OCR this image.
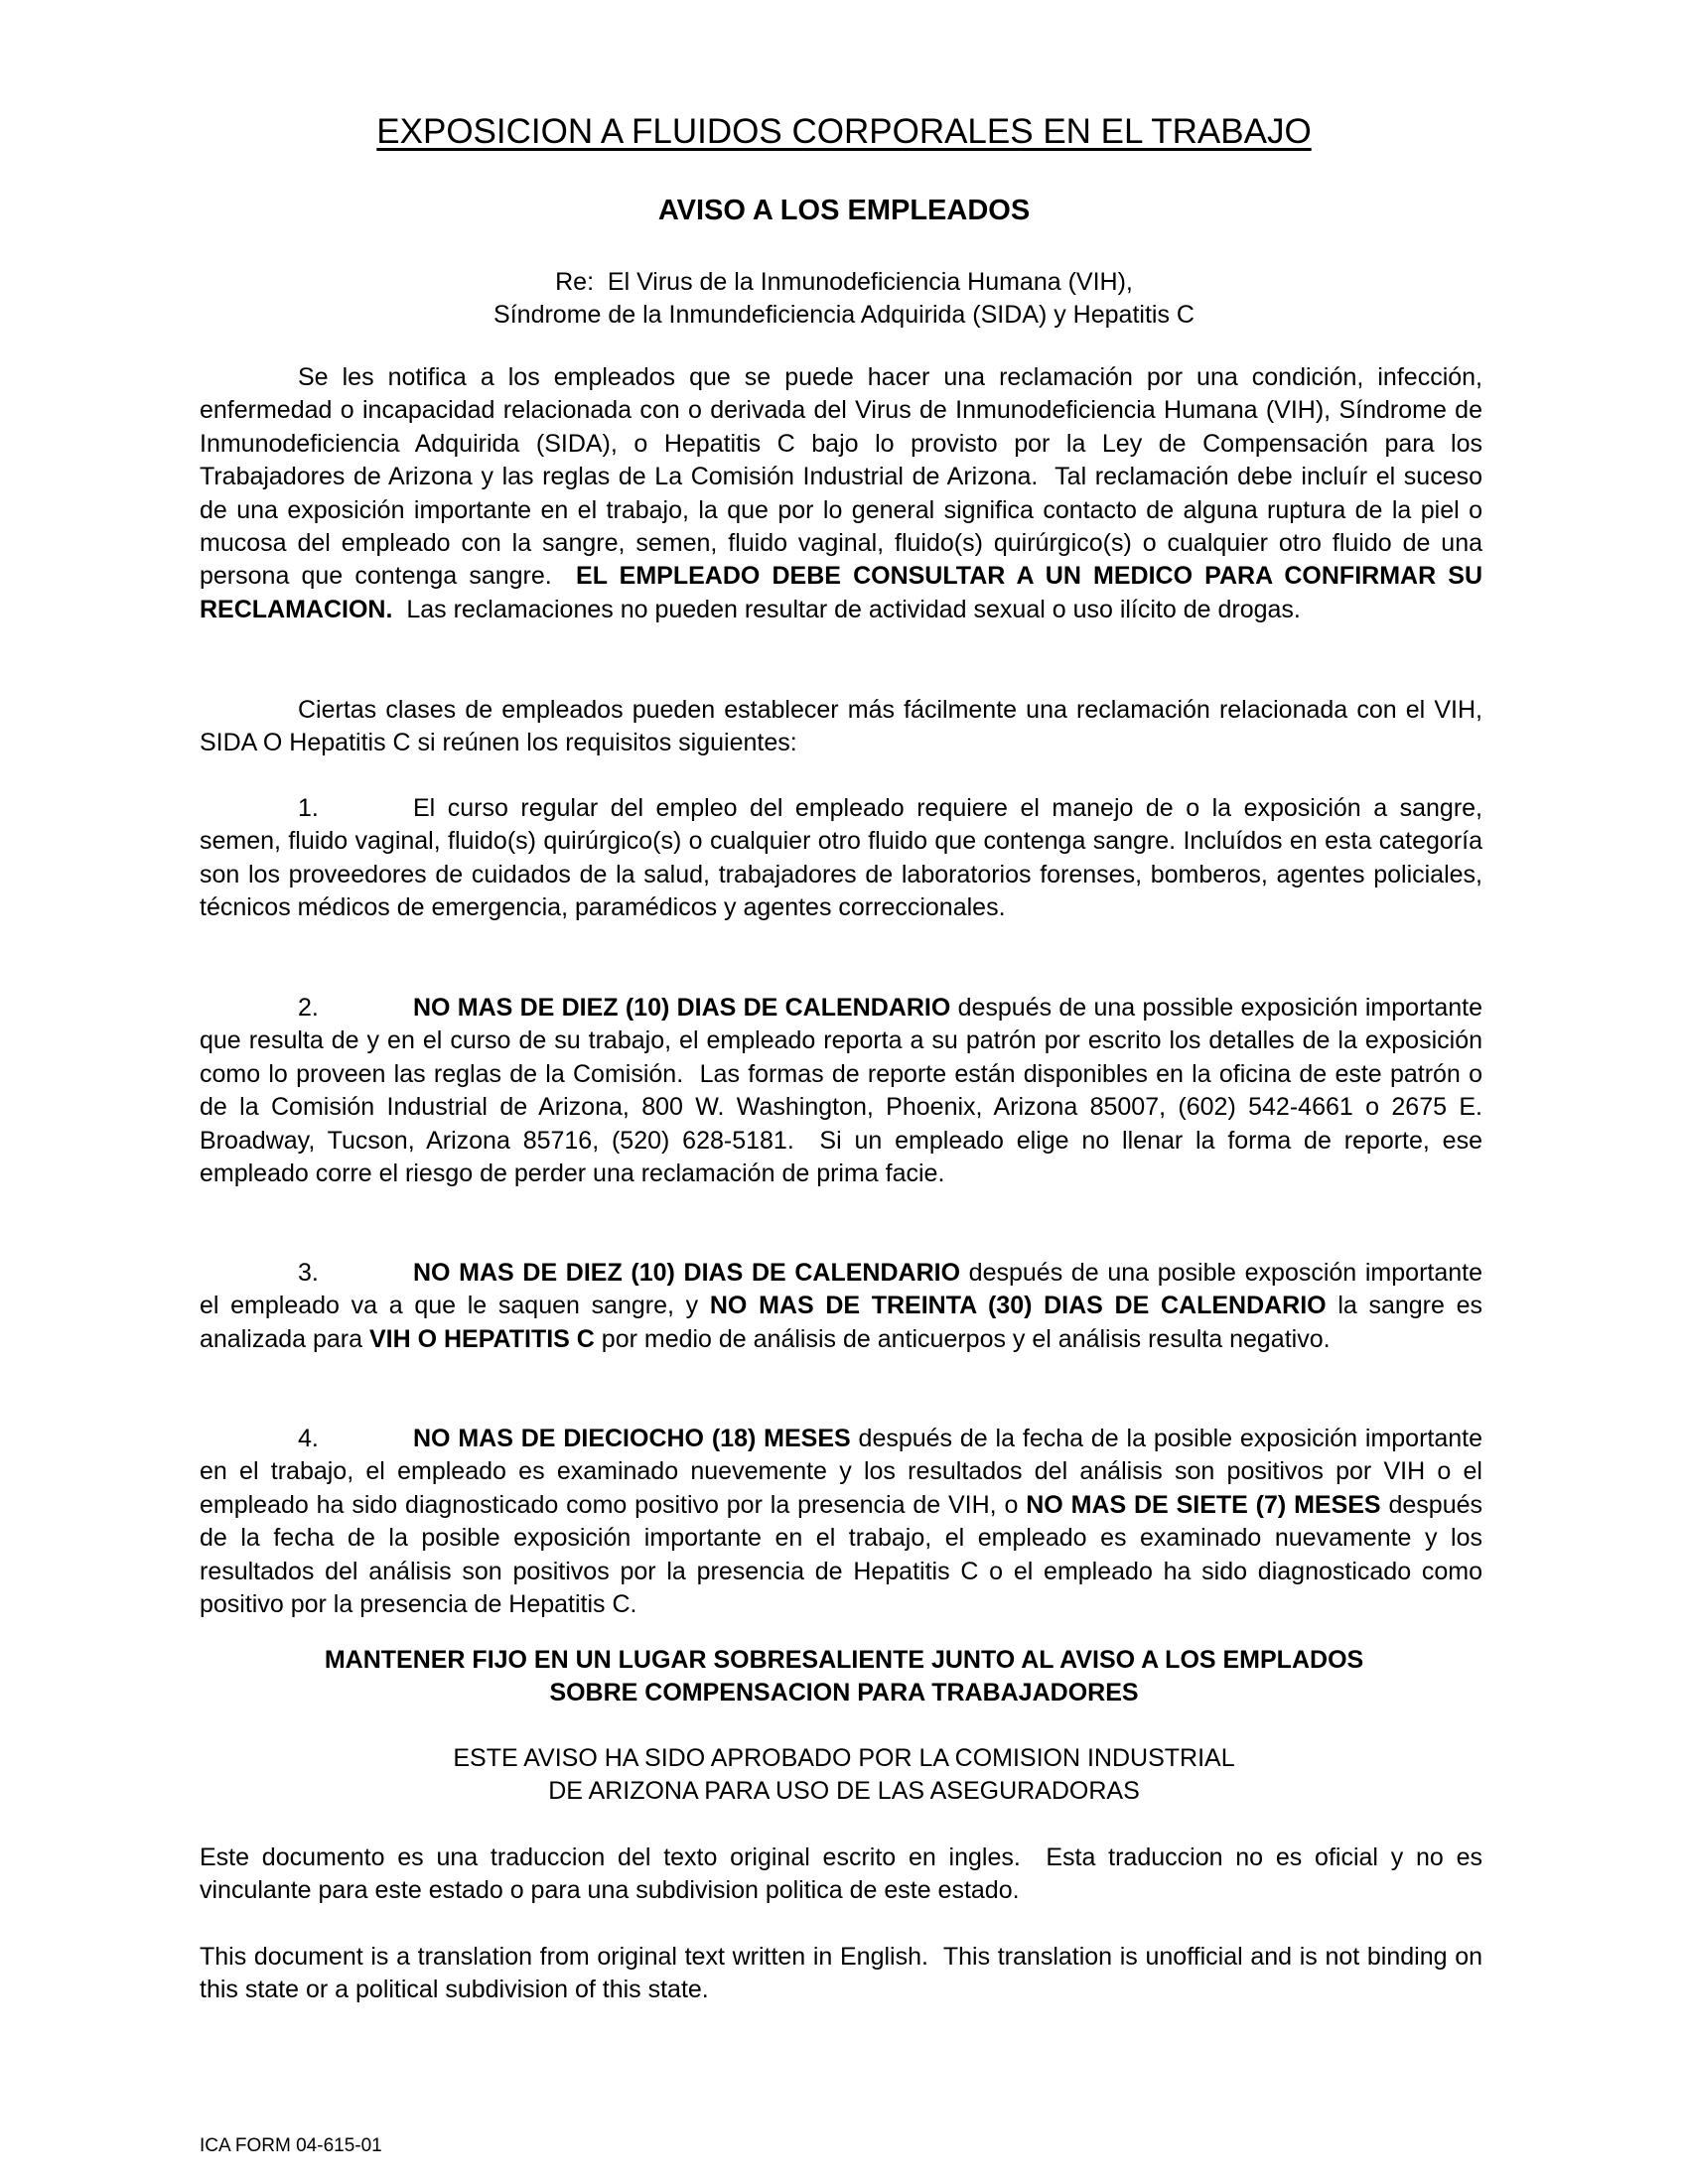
EXPOSICION A FLUIDOS CORPORALES EN EL TRABAJO
AVISO A LOS EMPLEADOS
Re:  El Virus de la Inmunodeficiencia Humana (VIH),
Síndrome de la Inmundeficiencia Adquirida (SIDA) y Hepatitis C

Se les notifica a los empleados que se puede hacer una reclamación por una condición, infección, enfermedad o incapacidad relacionada con o derivada del Virus de Inmunodeficiencia Humana (VIH), Síndrome de Inmunodeficiencia Adquirida (SIDA), o Hepatitis C bajo lo provisto por la Ley de Compensación para los Trabajadores de Arizona y las reglas de La Comisión Industrial de Arizona.  Tal reclamación debe incluír el suceso de una exposición importante en el trabajo, la que por lo general significa contacto de alguna ruptura de la piel o mucosa del empleado con la sangre, semen, fluido vaginal, fluido(s) quirúrgico(s) o cualquier otro fluido de una persona que contenga sangre.  EL EMPLEADO DEBE CONSULTAR A UN MEDICO PARA CONFIRMAR SU RECLAMACION.  Las reclamaciones no pueden resultar de actividad sexual o uso ilícito de drogas.

Ciertas clases de empleados pueden establecer más fácilmente una reclamación relacionada con el VIH, SIDA O Hepatitis C si reúnen los requisitos siguientes:

1.	El curso regular del empleo del empleado requiere el manejo de o la exposición a sangre, semen, fluido vaginal, fluido(s) quirúrgico(s) o cualquier otro fluido que contenga sangre. Incluídos en esta categoría son los proveedores de cuidados de la salud, trabajadores de laboratorios forenses, bomberos, agentes policiales, técnicos médicos de emergencia, paramédicos y agentes correccionales.

2.	NO MAS DE DIEZ (10) DIAS DE CALENDARIO después de una possible exposición importante que resulta de y en el curso de su trabajo, el empleado reporta a su patrón por escrito los detalles de la exposición como lo proveen las reglas de la Comisión.  Las formas de reporte están disponibles en la oficina de este patrón o de la Comisión Industrial de Arizona, 800 W. Washington, Phoenix, Arizona 85007, (602) 542-4661 o 2675 E. Broadway, Tucson, Arizona 85716, (520) 628-5181.  Si un empleado elige no llenar la forma de reporte, ese empleado corre el riesgo de perder una reclamación de prima facie.

3.	NO MAS DE DIEZ (10) DIAS DE CALENDARIO después de una posible exposción importante el empleado va a que le saquen sangre, y NO MAS DE TREINTA (30) DIAS DE CALENDARIO la sangre es analizada para VIH O HEPATITIS C por medio de análisis de anticuerpos y el análisis resulta negativo.

4.	NO MAS DE DIECIOCHO (18) MESES después de la fecha de la posible exposición importante en el trabajo, el empleado es examinado nuevemente y los resultados del análisis son positivos por VIH o el empleado ha sido diagnosticado como positivo por la presencia de VIH, o NO MAS DE SIETE (7) MESES después de la fecha de la posible exposición importante en el trabajo, el empleado es examinado nuevamente y los resultados del análisis son positivos por la presencia de Hepatitis C o el empleado ha sido diagnosticado como positivo por la presencia de Hepatitis C.

MANTENER FIJO EN UN LUGAR SOBRESALIENTE JUNTO AL AVISO A LOS EMPLADOS
SOBRE COMPENSACION PARA TRABAJADORES
ESTE AVISO HA SIDO APROBADO POR LA COMISION INDUSTRIAL
DE ARIZONA PARA USO DE LAS ASEGURADORAS

Este documento es una traduccion del texto original escrito en ingles.  Esta traduccion no es oficial y no es vinculante para este estado o para una subdivision politica de este estado.

This document is a translation from original text written in English.  This translation is unofficial and is not binding on this state or a political subdivision of this state.

ICA FORM 04-615-01
